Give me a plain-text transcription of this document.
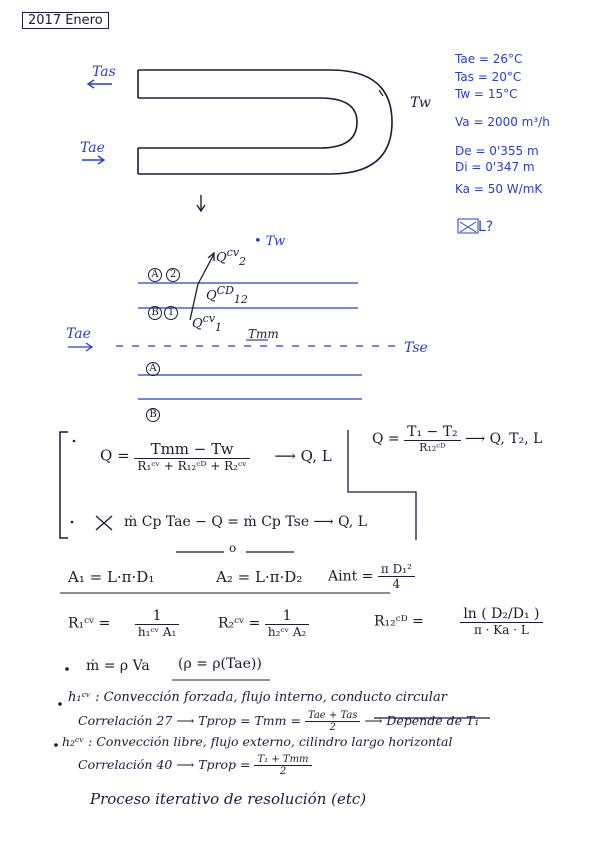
2017 Enero
Tae = 26°C
Tas = 20°C
Tw = 15°C
Va = 2000 m³/h
De = 0'355 m
Di = 0'347 m
Ka = 50 W/mK
L?
Tas
Tae
Tw
• Tw
$Q^{cv}_2$
$Q^{CD}_{12}$
$Q^{cv}_1$
A	2
B 1
A
B
Tae	Tmm
Tse
$Q = \frac{\text{Tmm − Tw}}{\text{R₁ᶜᵛ + R₁₂ᶜᴰ + R₂ᶜᵛ}}$ ⟶ Q, L
$Q = \frac{\text{T₁ − T₂}}{\text{R₁₂ᶜᴰ}}$ ⟶ Q, T₂, L
ṁ Cp Tae − Q = ṁ Cp Tse ⟶ Q, L
o
A₁ = L·π·D₁	A₂ = L·π·D₂ Aint = $\frac{\text{π D₁²}}{4}$
R₁ᶜᵛ = $\frac{1}{\text{h₁ᶜᵛ A₁}}$	R₂ᶜᵛ = $\frac{1}{\text{h₂ᶜᵛ A₂}}$	R₁₂ᶜᴰ =	$\frac{\text{ln ( D₂/D₁ )}}{\pi \cdot Ka \cdot L}$
ṁ = ρ Va (ρ = ρ(Tae))
h₁ᶜᵛ : Convección forzada, flujo interno, conducto circular
Correlación 27 ⟶ Tprop = Tmm = $\frac{\text{Tae + Tas}}{2}$ ⟶ Depende de T₁
h₂ᶜᵛ : Convección libre, flujo externo, cilindro largo horizontal
Correlación 40 ⟶ Tprop = $\frac{\text{T₁ + Tmm}}{2}$
Proceso iterativo de resolución (etc)
